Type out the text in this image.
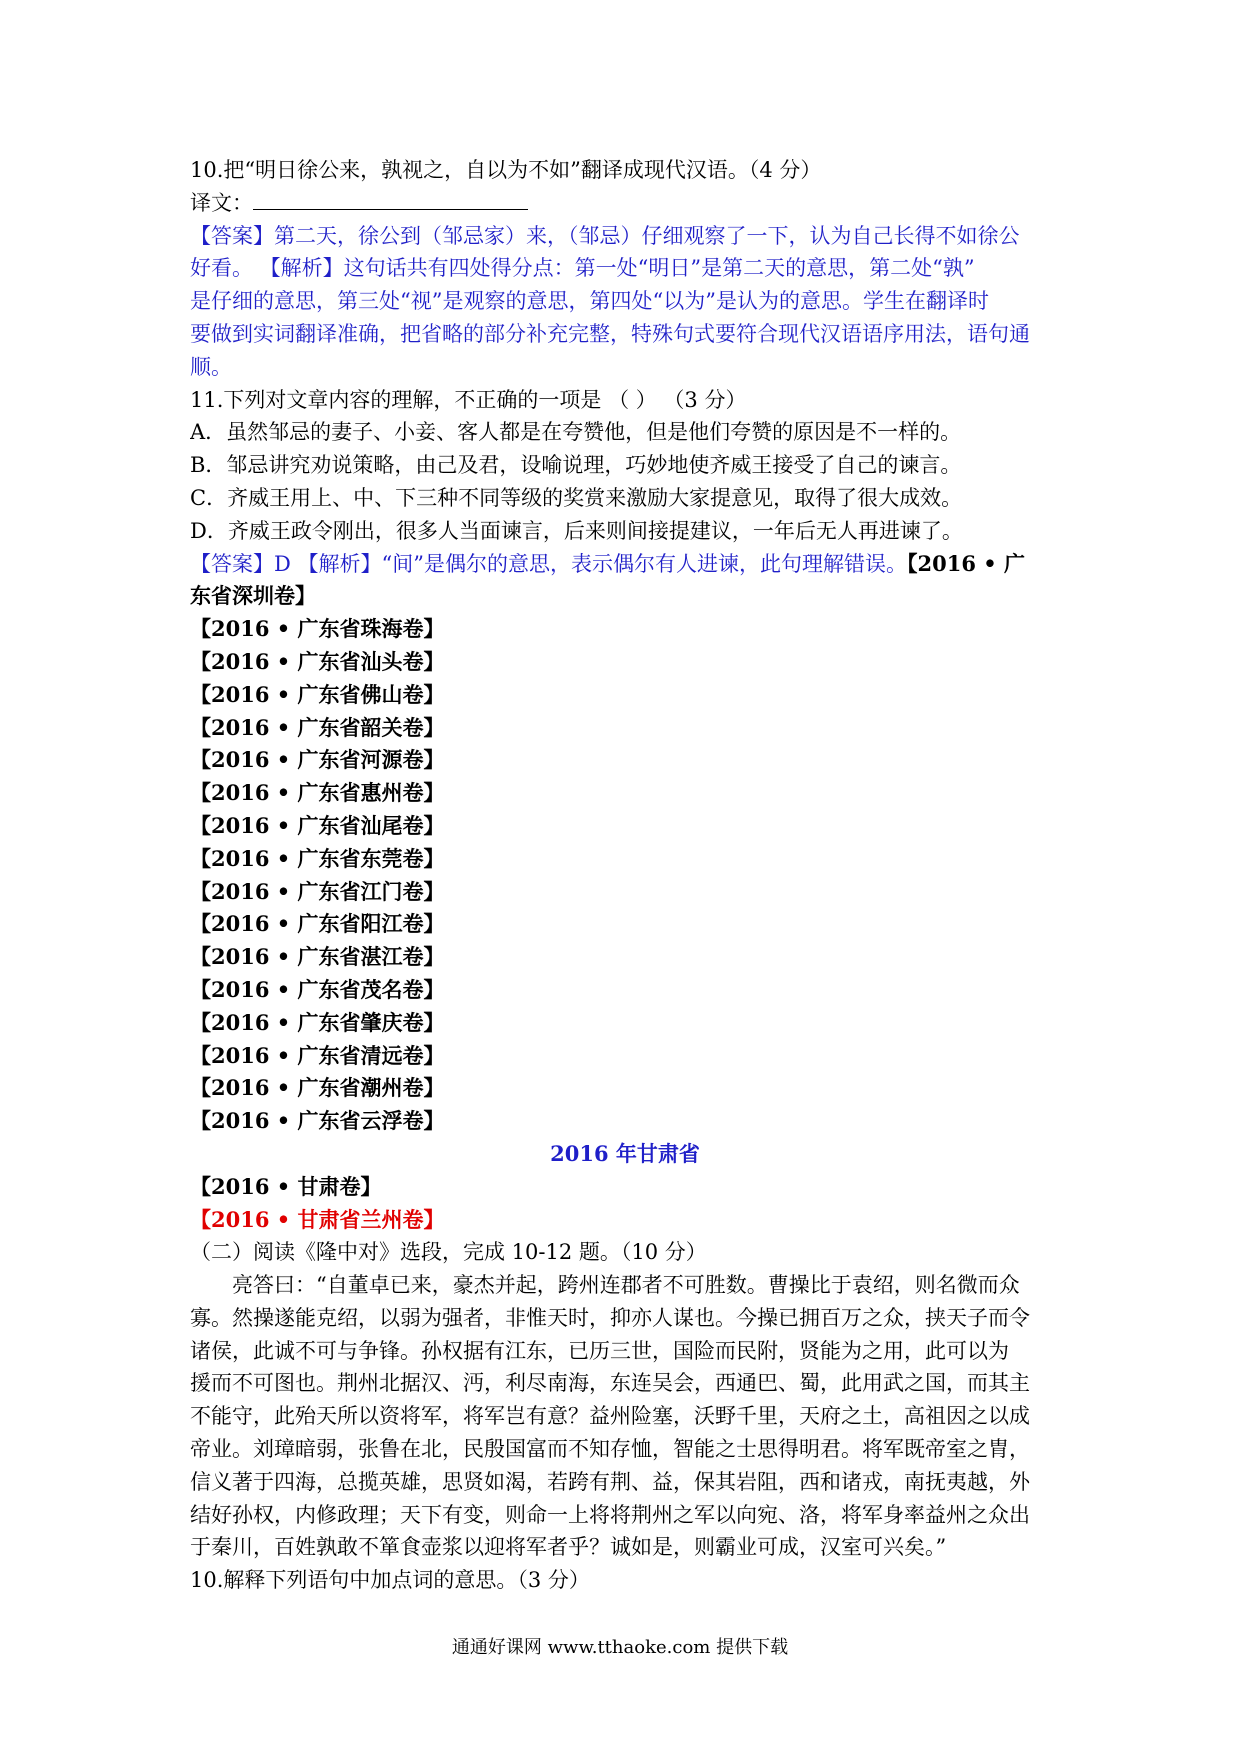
10.把“明日徐公来，孰视之，自以为不如”翻译成现代汉语。（4 分）
译文：
【答案】第二天，徐公到（邹忌家）来，（邹忌）仔细观察了一下，认为自己长得不如徐公
好看。 【解析】这句话共有四处得分点：第一处“明日”是第二天的意思，第二处“孰”
是仔细的意思，第三处“视”是观察的意思，第四处“以为”是认为的意思。学生在翻译时
要做到实词翻译准确，把省略的部分补充完整，特殊句式要符合现代汉语语序用法，语句通
顺。
11.下列对文章内容的理解，不正确的一项是 （ ） （3 分）
A．虽然邹忌的妻子、小妾、客人都是在夸赞他，但是他们夸赞的原因是不一样的。
B．邹忌讲究劝说策略，由己及君，设喻说理，巧妙地使齐威王接受了自己的谏言。
C．齐威王用上、中、下三种不同等级的奖赏来激励大家提意见，取得了很大成效。
D．齐威王政令刚出，很多人当面谏言，后来则间接提建议，一年后无人再进谏了。
【答案】D 【解析】“间”是偶尔的意思，表示偶尔有人进谏，此句理解错误。【2016 • 广
东省深圳卷】
【2016 • 广东省珠海卷】
【2016 • 广东省汕头卷】
【2016 • 广东省佛山卷】
【2016 • 广东省韶关卷】
【2016 • 广东省河源卷】
【2016 • 广东省惠州卷】
【2016 • 广东省汕尾卷】
【2016 • 广东省东莞卷】
【2016 • 广东省江门卷】
【2016 • 广东省阳江卷】
【2016 • 广东省湛江卷】
【2016 • 广东省茂名卷】
【2016 • 广东省肇庆卷】
【2016 • 广东省清远卷】
【2016 • 广东省潮州卷】
【2016 • 广东省云浮卷】
2016 年甘肃省
【2016 • 甘肃卷】
【2016 • 甘肃省兰州卷】
（二）阅读《隆中对》选段，完成 10-12 题。（10 分）
亮答曰：“自董卓已来，豪杰并起，跨州连郡者不可胜数。曹操比于袁绍，则名微而众
寡。然操遂能克绍，以弱为强者，非惟天时，抑亦人谋也。今操已拥百万之众，挟天子而令
诸侯，此诚不可与争锋。孙权据有江东，已历三世，国险而民附，贤能为之用，此可以为
援而不可图也。荆州北据汉、沔，利尽南海，东连吴会，西通巴、蜀，此用武之国，而其主
不能守，此殆天所以资将军，将军岂有意？益州险塞，沃野千里，天府之土，高祖因之以成
帝业。刘璋暗弱，张鲁在北，民殷国富而不知存恤，智能之士思得明君。将军既帝室之胄，
信义著于四海，总揽英雄，思贤如渴，若跨有荆、益，保其岩阻，西和诸戎，南抚夷越，外
结好孙权，内修政理；天下有变，则命一上将将荆州之军以向宛、洛，将军身率益州之众出
于秦川，百姓孰敢不箪食壶浆以迎将军者乎？诚如是，则霸业可成，汉室可兴矣。”
10.解释下列语句中加点词的意思。（3 分）
通通好课网 www.tthaoke.com 提供下载
